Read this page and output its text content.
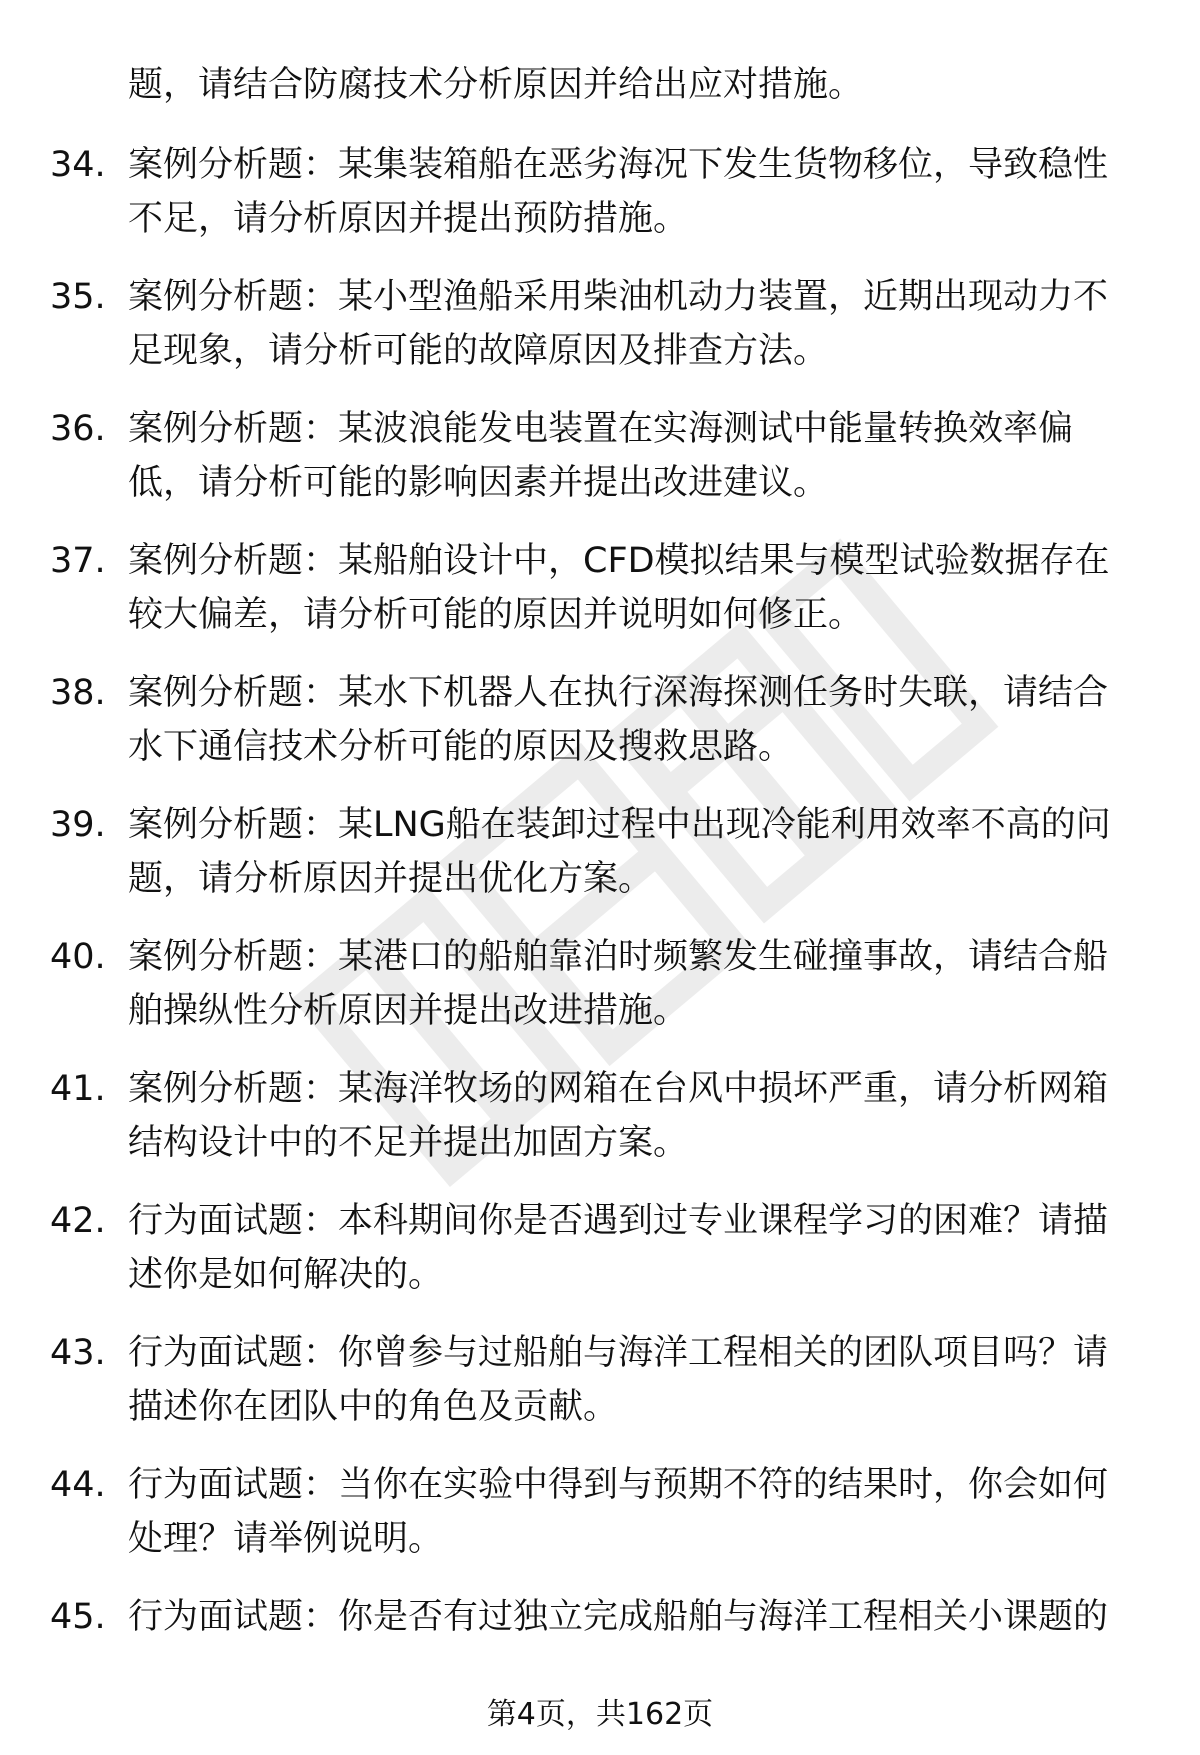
题，请结合防腐技术分析原因并给出应对措施。

34. 案例分析题：某集装箱船在恶劣海况下发生货物移位，导致稳性
不足，请分析原因并提出预防措施。
35. 案例分析题：某小型渔船采用柴油机动力装置，近期出现动力不
足现象，请分析可能的故障原因及排查方法。
36. 案例分析题：某波浪能发电装置在实海测试中能量转换效率偏
低，请分析可能的影响因素并提出改进建议。
37. 案例分析题：某船舶设计中，CFD模拟结果与模型试验数据存在
较大偏差，请分析可能的原因并说明如何修正。
38. 案例分析题：某水下机器人在执行深海探测任务时失联，请结合
水下通信技术分析可能的原因及搜救思路。
39. 案例分析题：某LNG船在装卸过程中出现冷能利用效率不高的问
题，请分析原因并提出优化方案。
40. 案例分析题：某港口的船舶靠泊时频繁发生碰撞事故，请结合船
舶操纵性分析原因并提出改进措施。
41. 案例分析题：某海洋牧场的网箱在台风中损坏严重，请分析网箱
结构设计中的不足并提出加固方案。
42. 行为面试题：本科期间你是否遇到过专业课程学习的困难？请描
述你是如何解决的。
43. 行为面试题：你曾参与过船舶与海洋工程相关的团队项目吗？请
描述你在团队中的角色及贡献。
44. 行为面试题：当你在实验中得到与预期不符的结果时，你会如何
处理？请举例说明。
45. 行为面试题：你是否有过独立完成船舶与海洋工程相关小课题的
第4页，共162页
